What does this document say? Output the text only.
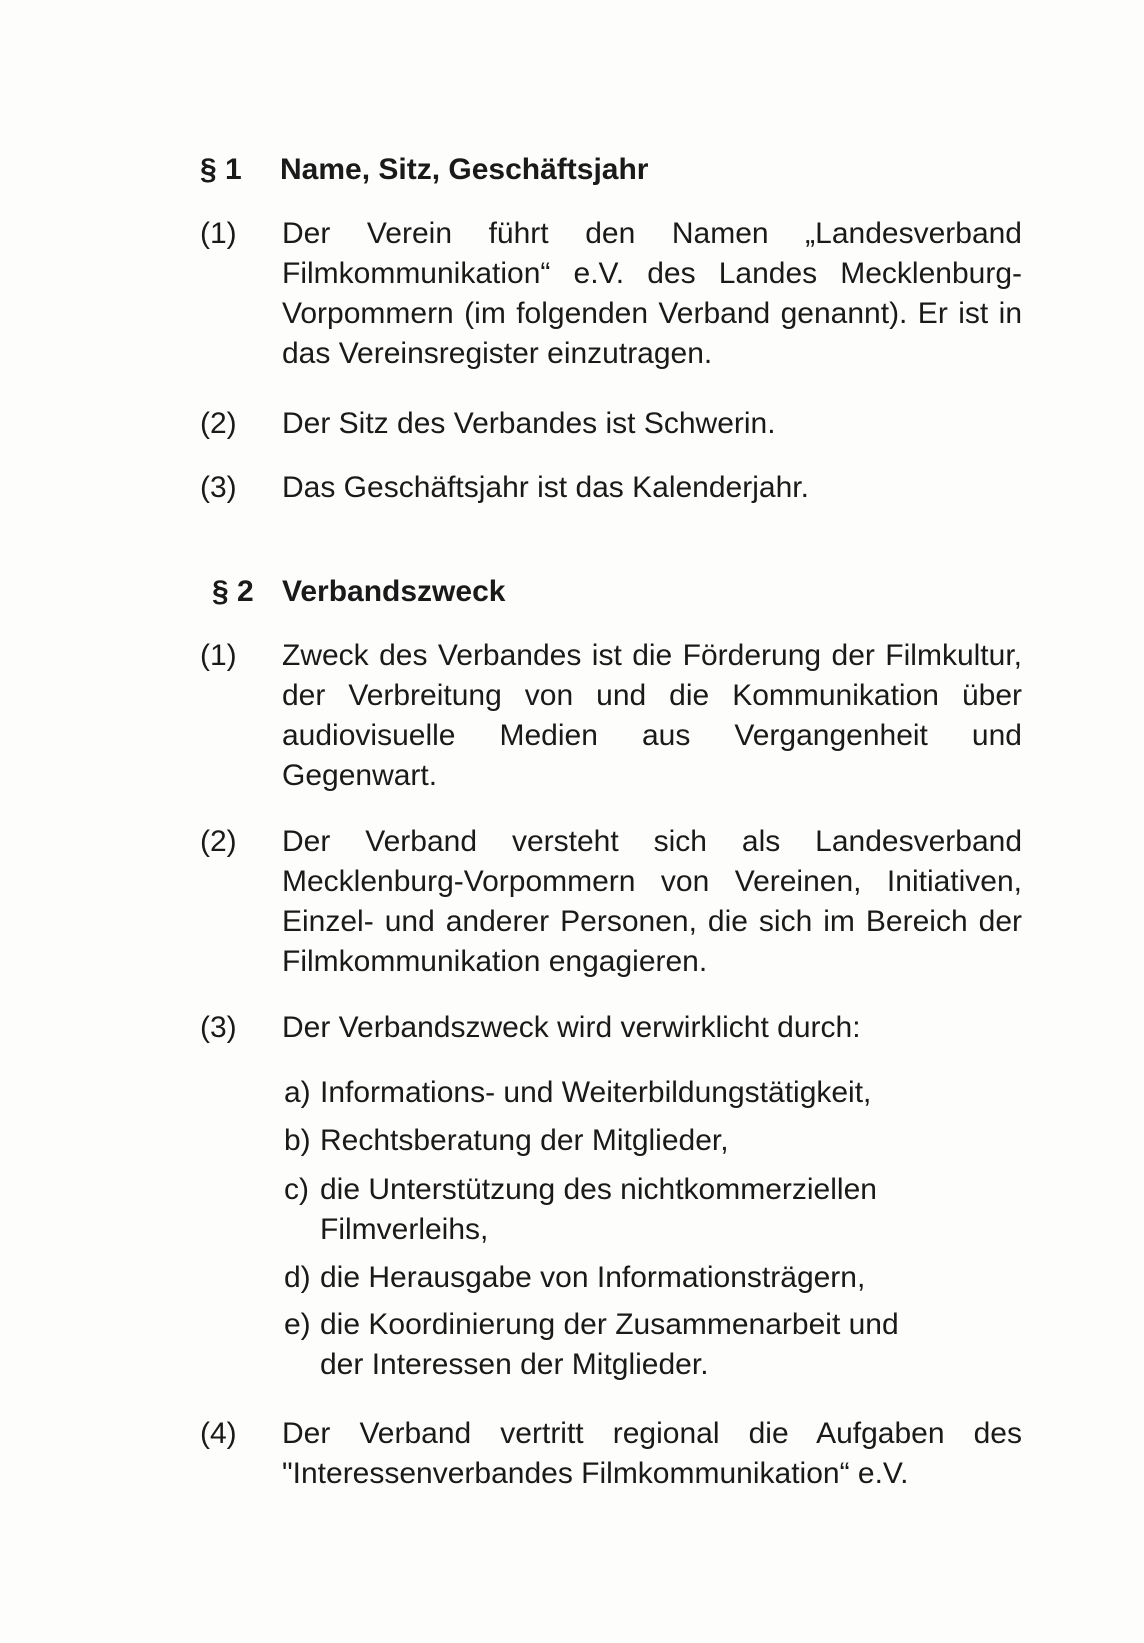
§ 1 Name, Sitz, Geschäftsjahr
(1)	Der Verein führt den Namen „Landesverband Filmkommunikation“ e.V. des Landes Mecklenburg-Vorpommern (im folgenden Verband genannt). Er ist in das Vereinsregister einzutragen.
(2)	Der Sitz des Verbandes ist Schwerin.
(3)	Das Geschäftsjahr ist das Kalenderjahr.
§ 2 Verbandszweck
(1)	Zweck des Verbandes ist die Förderung der Filmkultur, der Verbreitung von und die Kommunikation über audiovisuelle Medien aus Vergangenheit und Gegenwart.
(2)	Der Verband versteht sich als Landesverband Mecklenburg-Vorpommern von Vereinen, Initiativen, Einzel- und anderer Personen, die sich im Bereich der Filmkommunikation engagieren.
(3)	Der Verbandszweck wird verwirklicht durch:
a) Informations- und Weiterbildungstätigkeit,
b) Rechtsberatung der Mitglieder,
c) die Unterstützung des nichtkommerziellen Filmverleihs,
d) die Herausgabe von Informationsträgern,
e) die Koordinierung der Zusammenarbeit und der Interessen der Mitglieder.
(4)	Der Verband vertritt regional die Aufgaben des "Interessenverbandes Filmkommunikation“ e.V.
